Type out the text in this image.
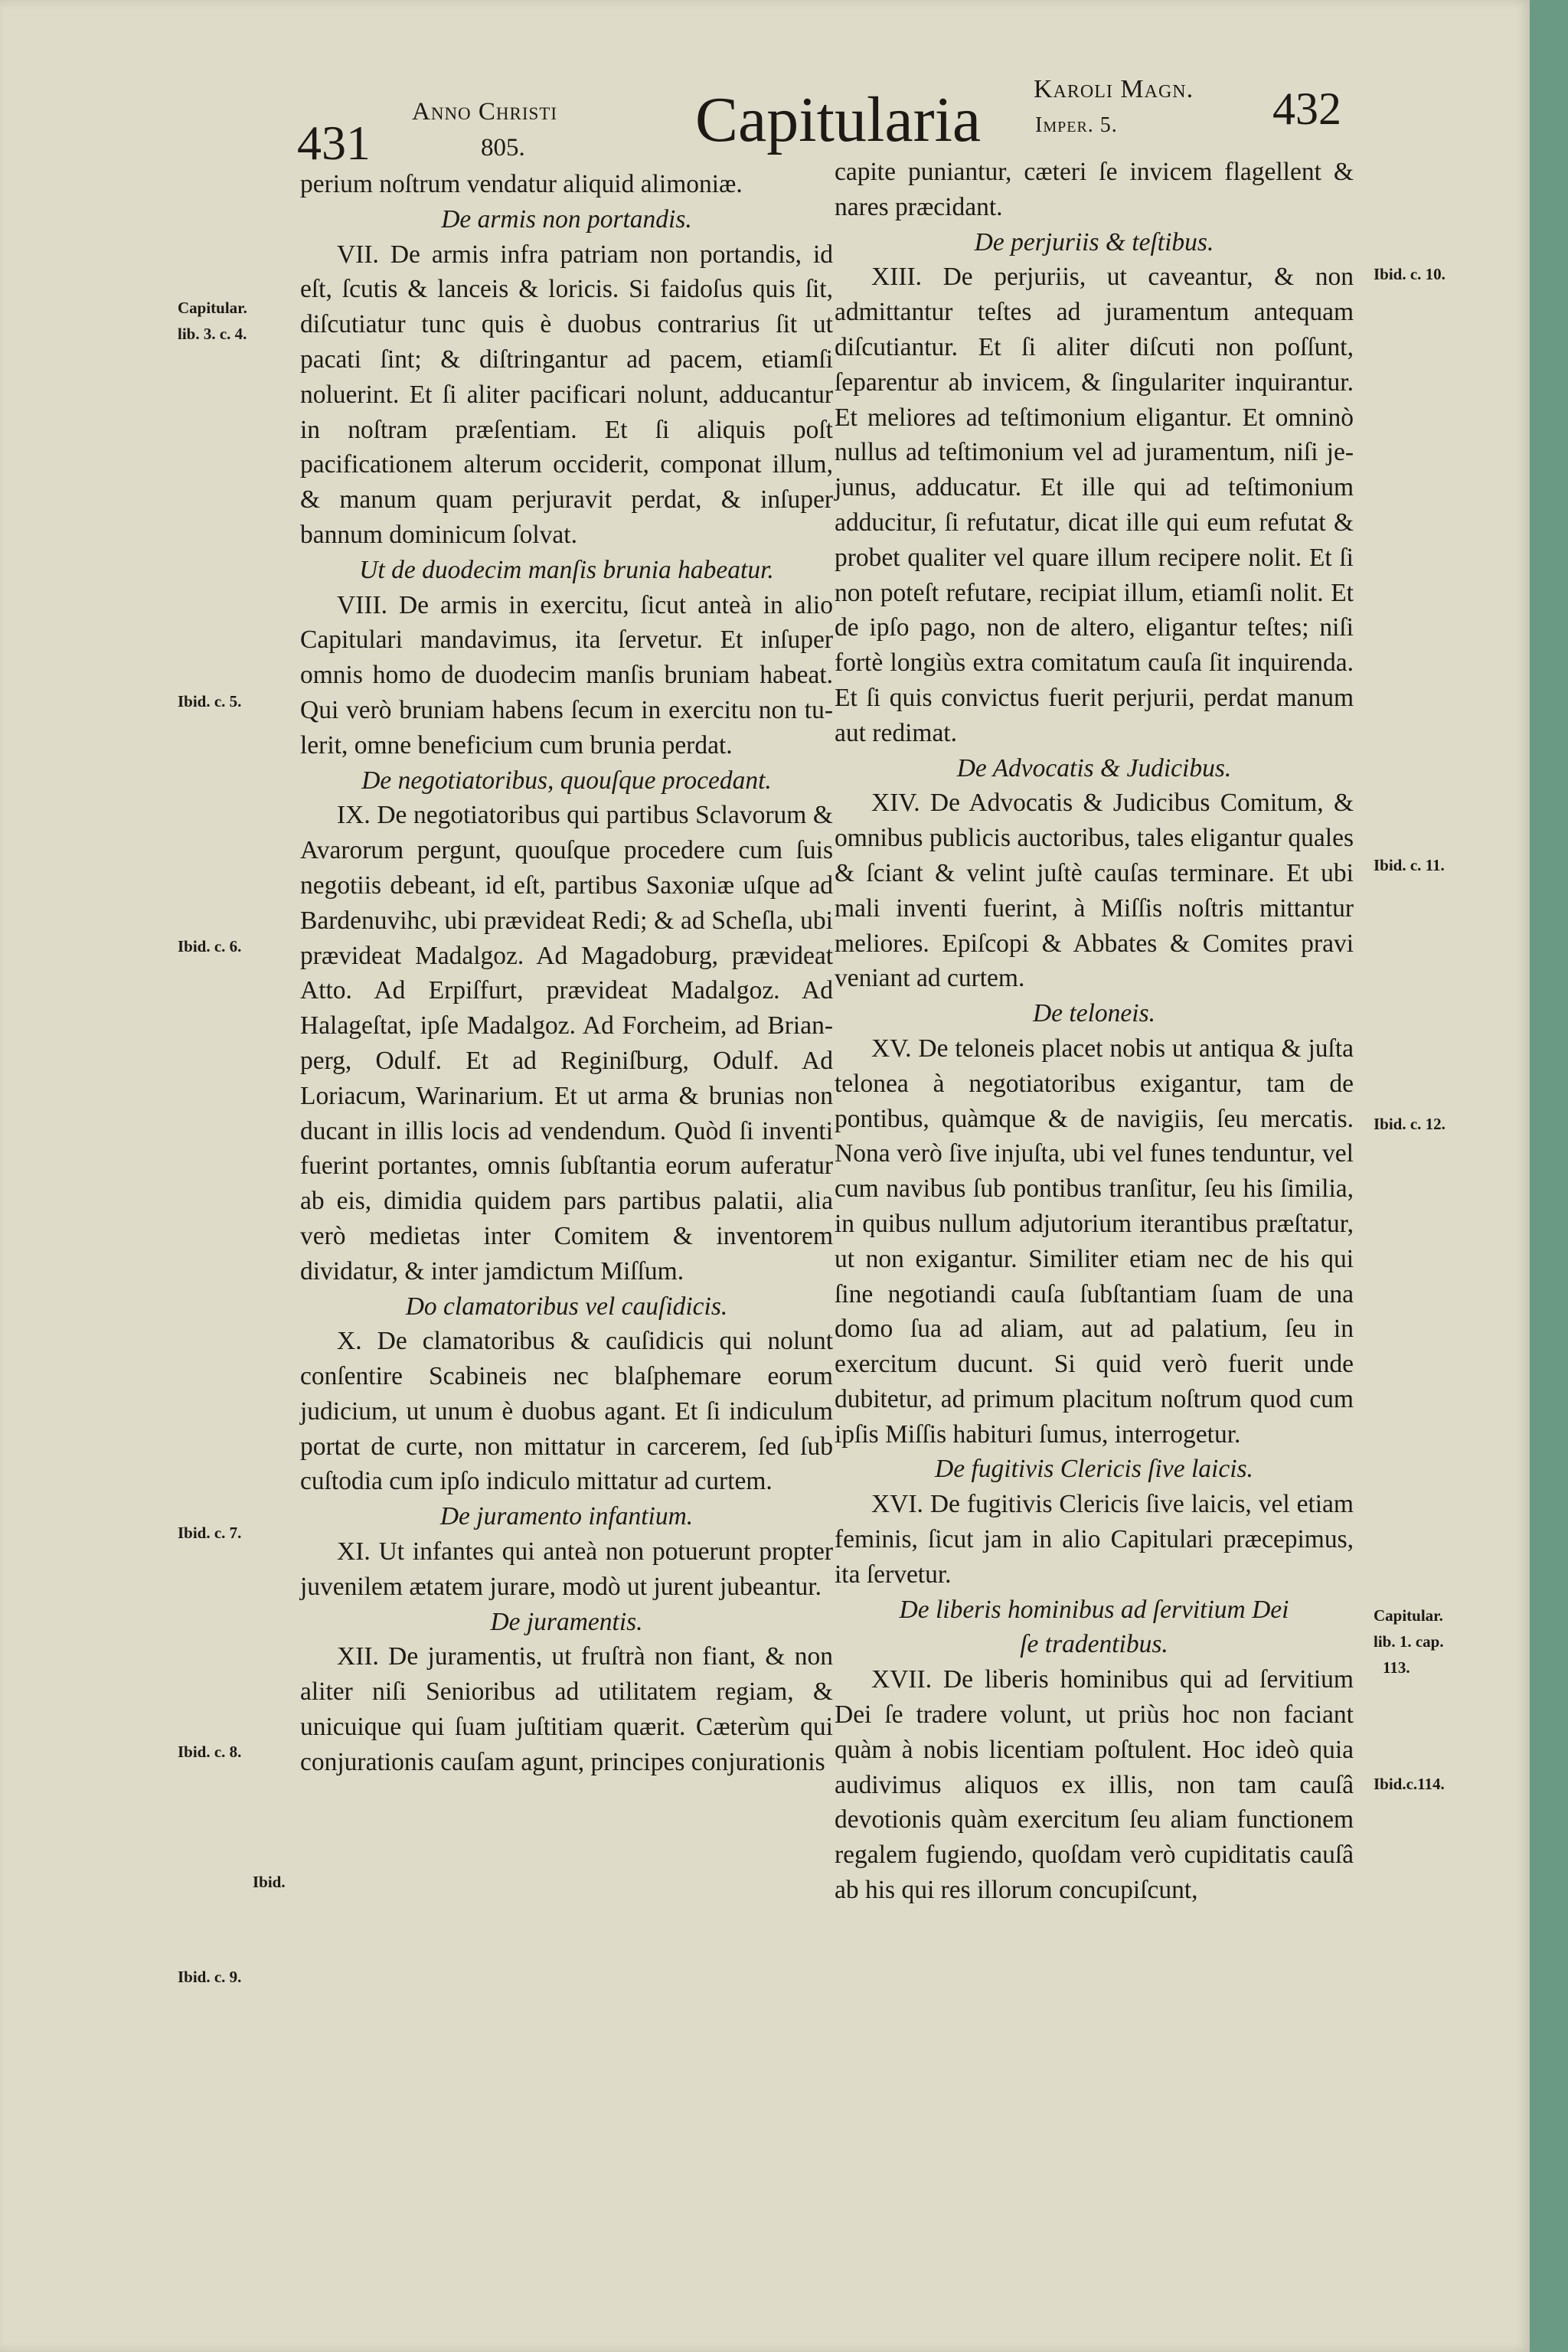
431
Anno Christi
805.	Capitularia Karoli Magn.
Imper. 5.	432
Capitular.
lib. 3. c. 4.
Ibid. c. 5.
Ibid. c. 6.
Ibid. c. 7.
Ibid. c. 8.
Ibid.
Ibid. c. 9.
Ibid. c. 10.
Ibid. c. 11.
Ibid. c. 12.
Capitular.
lib. 1. cap.
113.
Ibid.c.114.

perium noſtrum vendatur aliquid alimoniæ.

De armis non portandis.

VII. De armis infra patriam non portandis, id eſt, ſcutis & lanceis & loricis. Si faidoſus quis ſit, diſcutiatur tunc quis è duobus contrarius ſit ut pacati ſint; & diſtringantur ad pacem, etiamſi noluerint. Et ſi aliter pacificari nolunt, adducantur in noſtram præſentiam. Et ſi aliquis poſt pacificationem alterum occiderit, componat illum, & manum quam perjuravit perdat, & inſuper bannum dominicum ſolvat.

Ut de duodecim manſis brunia habeatur.

VIII. De armis in exercitu, ſicut anteà in alio Capitulari mandavimus, ita ſervetur. Et inſuper omnis homo de duodecim manſis bruniam habeat. Qui verò bruniam habens ſecum in exercitu non tulerit, omne beneficium cum brunia perdat.

De negotiatoribus, quouſque procedant.

IX. De negotiatoribus qui partibus Sclavorum & Avarorum pergunt, quouſque procedere cum ſuis negotiis debeant, id eſt, partibus Saxoniæ uſque ad Bardenuvihc, ubi prævideat Redi; & ad Scheſla, ubi prævideat Madalgoz. Ad Magadoburg, prævideat Atto. Ad Erpiſfurt, prævideat Madalgoz. Ad Halageſtat, ipſe Madalgoz. Ad Forcheim, ad Brianperg, Odulf. Et ad Reginiſburg, Odulf. Ad Loriacum, Warinarium. Et ut arma & brunias non ducant in illis locis ad vendendum. Quòd ſi inventi fuerint portantes, omnis ſubſtantia eorum auferatur ab eis, dimidia quidem pars partibus palatii, alia verò medietas inter Comitem & inventorem dividatur, & inter jamdictum Miſſum.

Do clamatoribus vel cauſidicis.

X. De clamatoribus & cauſidicis qui nolunt conſentire Scabineis nec blaſphemare eorum judicium, ut unum è duobus agant. Et ſi indiculum portat de curte, non mittatur in carcerem, ſed ſub cuſtodia cum ipſo indiculo mittatur ad curtem.

De juramento infantium.

XI. Ut infantes qui anteà non potuerunt propter juvenilem ætatem jurare, modò ut jurent jubeantur.

De juramentis.

XII. De juramentis, ut fruſtrà non fiant, & non aliter niſi Senioribus ad utilitatem regiam, & unicuique qui ſuam juſtitiam quærit. Cæterùm qui conjurationis cauſam agunt, principes conjurationis

capite puniantur, cæteri ſe invicem flagellent & nares præcidant.

De perjuriis & teſtibus.

XIII. De perjuriis, ut caveantur, & non admittantur teſtes ad juramentum antequam diſcutiantur. Et ſi aliter diſcuti non poſſunt, ſeparentur ab invicem, & ſingulariter inquirantur. Et meliores ad teſtimonium eligantur. Et omninò nullus ad teſtimonium vel ad juramentum, niſi jejunus, adducatur. Et ille qui ad teſtimonium adducitur, ſi refutatur, dicat ille qui eum refutat & probet qualiter vel quare illum recipere nolit. Et ſi non poteſt refutare, recipiat illum, etiamſi nolit. Et de ipſo pago, non de altero, eligantur teſtes; niſi fortè longiùs extra comitatum cauſa ſit inquirenda. Et ſi quis convictus fuerit perjurii, perdat manum aut redimat.

De Advocatis & Judicibus.

XIV. De Advocatis & Judicibus Comitum, & omnibus publicis auctoribus, tales eligantur quales & ſciant & velint juſtè cauſas terminare. Et ubi mali inventi fuerint, à Miſſis noſtris mittantur meliores. Epiſcopi & Abbates & Comites pravi veniant ad curtem.

De teloneis.

XV. De teloneis placet nobis ut antiqua & juſta telonea à negotiatoribus exigantur, tam de pontibus, quàmque & de navigiis, ſeu mercatis. Nona verò ſive injuſta, ubi vel funes tenduntur, vel cum navibus ſub pontibus tranſitur, ſeu his ſimilia, in quibus nullum adjutorium iterantibus præſtatur, ut non exigantur. Similiter etiam nec de his qui ſine negotiandi cauſa ſubſtantiam ſuam de una domo ſua ad aliam, aut ad palatium, ſeu in exercitum ducunt. Si quid verò fuerit unde dubitetur, ad primum placitum noſtrum quod cum ipſis Miſſis habituri ſumus, interrogetur.

De fugitivis Clericis ſive laicis.

XVI. De fugitivis Clericis ſive laicis, vel etiam feminis, ſicut jam in alio Capitulari præcepimus, ita ſervetur.

De liberis hominibus ad ſervitium Dei

ſe tradentibus.

XVII. De liberis hominibus qui ad ſervitium Dei ſe tradere volunt, ut priùs hoc non faciant quàm à nobis licentiam poſtulent. Hoc ideò quia audivimus aliquos ex illis, non tam cauſâ devotionis quàm exercitum ſeu aliam functionem regalem fugiendo, quoſdam verò cupiditatis cauſâ ab his qui res illorum concupiſcunt,
